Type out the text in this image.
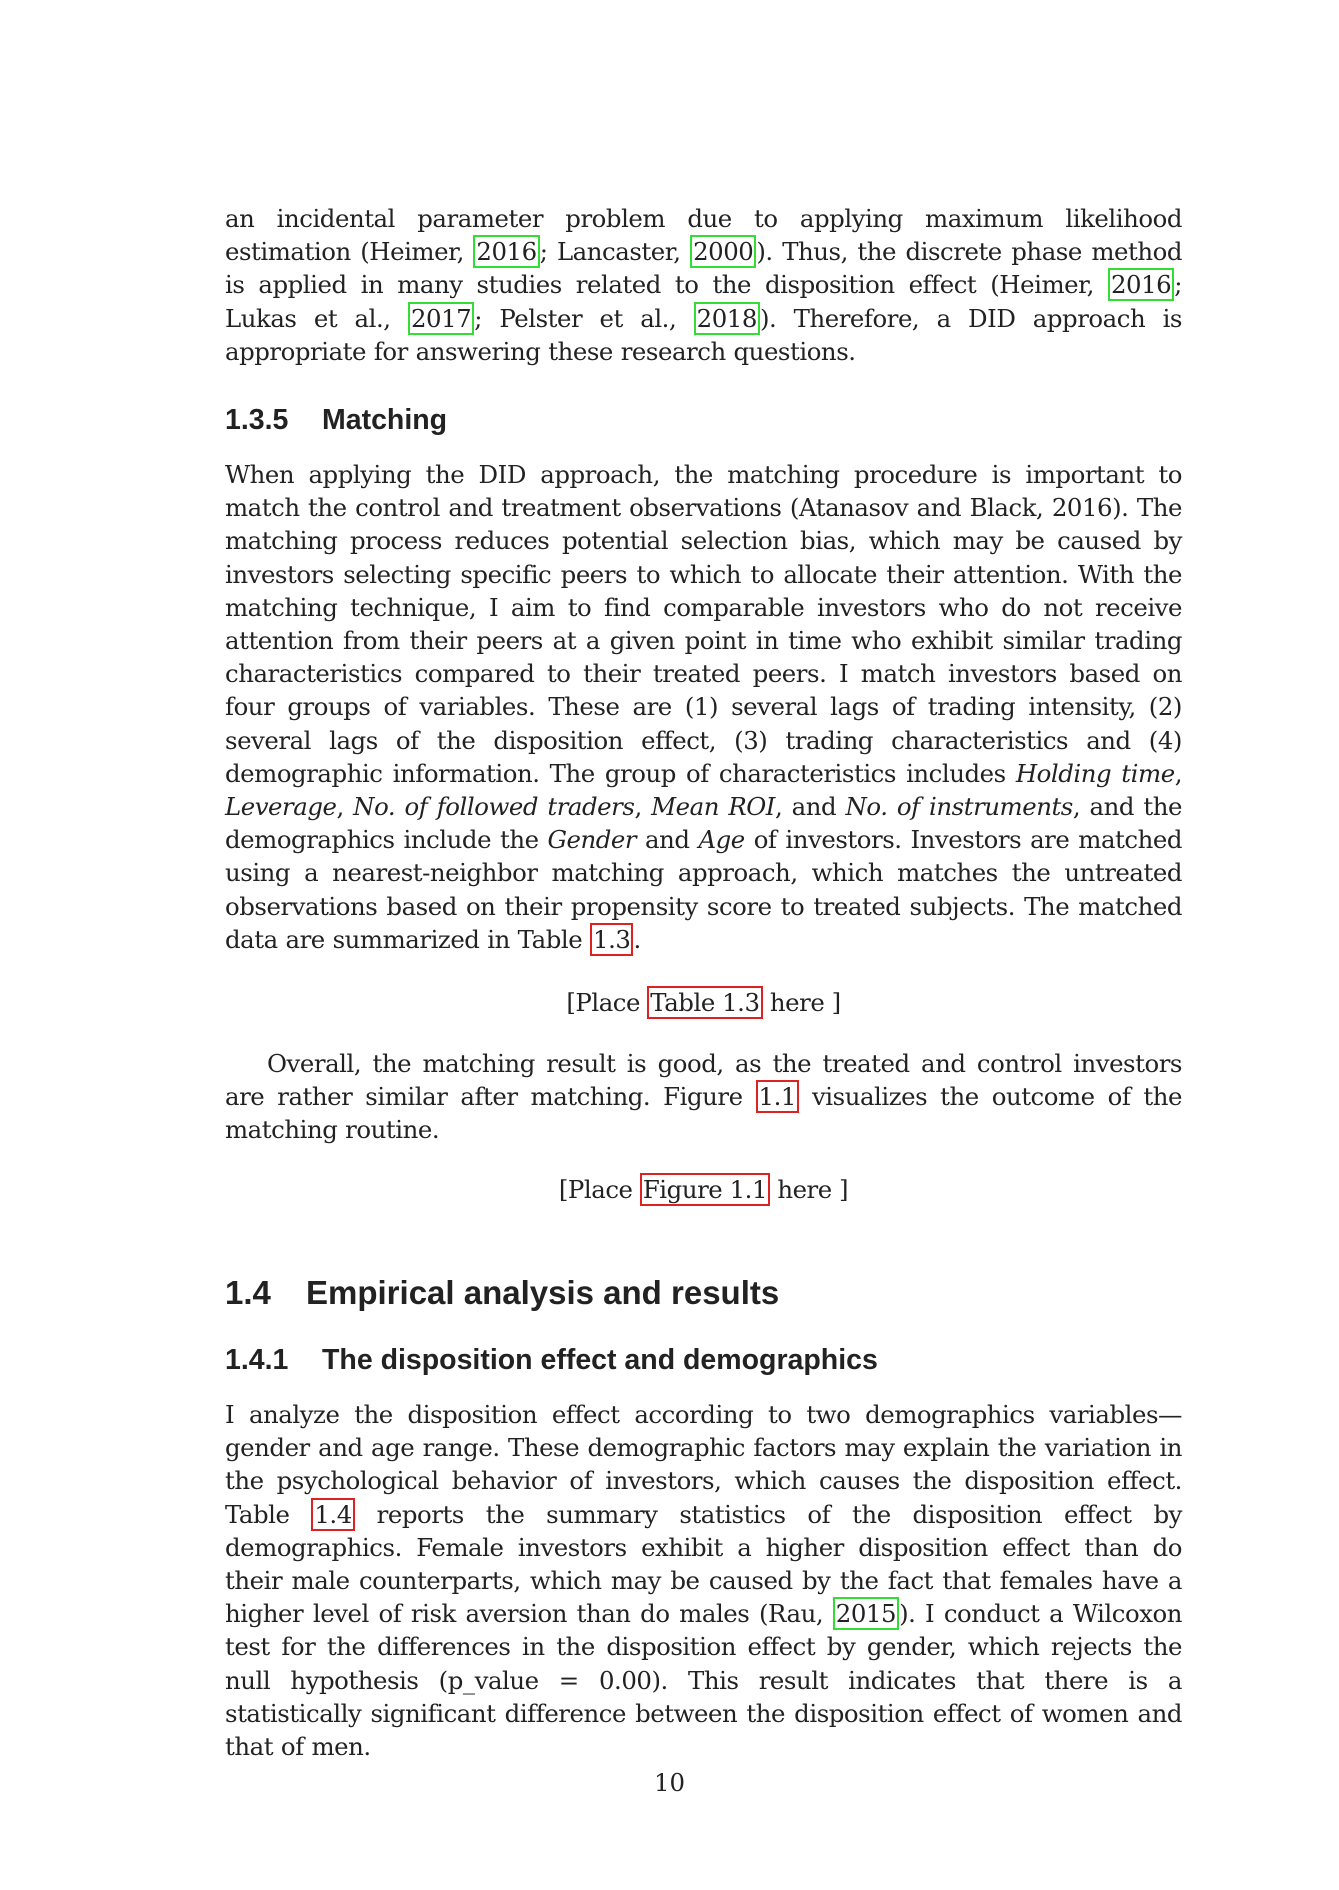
an incidental parameter problem due to applying maximum likelihood estimation (Heimer, 2016 ; Lancaster, 2000 ). Thus, the discrete phase method is applied in many studies related to the disposition effect (Heimer, 2016 ; Lukas et al., 2017 ; Pelster et al., 2018 ). Therefore, a DID approach is appropriate for answering these research questions.

1.3.5 Matching

When applying the DID approach, the matching procedure is important to match the control and treatment observations (Atanasov and Black, 2016). The matching process reduces potential selection bias, which may be caused by investors selecting specific peers to which to allocate their attention. With the matching technique, I aim to find comparable investors who do not receive attention from their peers at a given point in time who exhibit similar trading characteristics compared to their treated peers. I match investors based on four groups of variables. These are (1) several lags of trading intensity, (2) several lags of the disposition effect, (3) trading characteristics and (4) demographic information. The group of characteristics includes Holding time, Leverage, No. of followed traders, Mean ROI, and No. of instruments, and the demographics include the Gender and Age of investors. Investors are matched using a nearest-neighbor matching approach, which matches the untreated observations based on their propensity score to treated subjects. The matched data are summarized in Table 1.3 .

[Place Table 1.3 here ]

Overall, the matching result is good, as the treated and control investors are rather similar after matching. Figure 1.1 visualizes the outcome of the matching routine.

[Place Figure 1.1 here ]
1.4 Empirical analysis and results
1.4.1 The disposition effect and demographics

I analyze the disposition effect according to two demographics variables—gender and age range. These demographic factors may explain the variation in the psychological behavior of investors, which causes the disposition effect. Table 1.4 reports the summary statistics of the disposition effect by demographics. Female investors exhibit a higher disposition effect than do their male counterparts, which may be caused by the fact that females have a higher level of risk aversion than do males (Rau, 2015 ). I conduct a Wilcoxon test for the differences in the disposition effect by gender, which rejects the null hypothesis (p_value = 0.00). This result indicates that there is a statistically significant difference between the disposition effect of women and that of men.

10
